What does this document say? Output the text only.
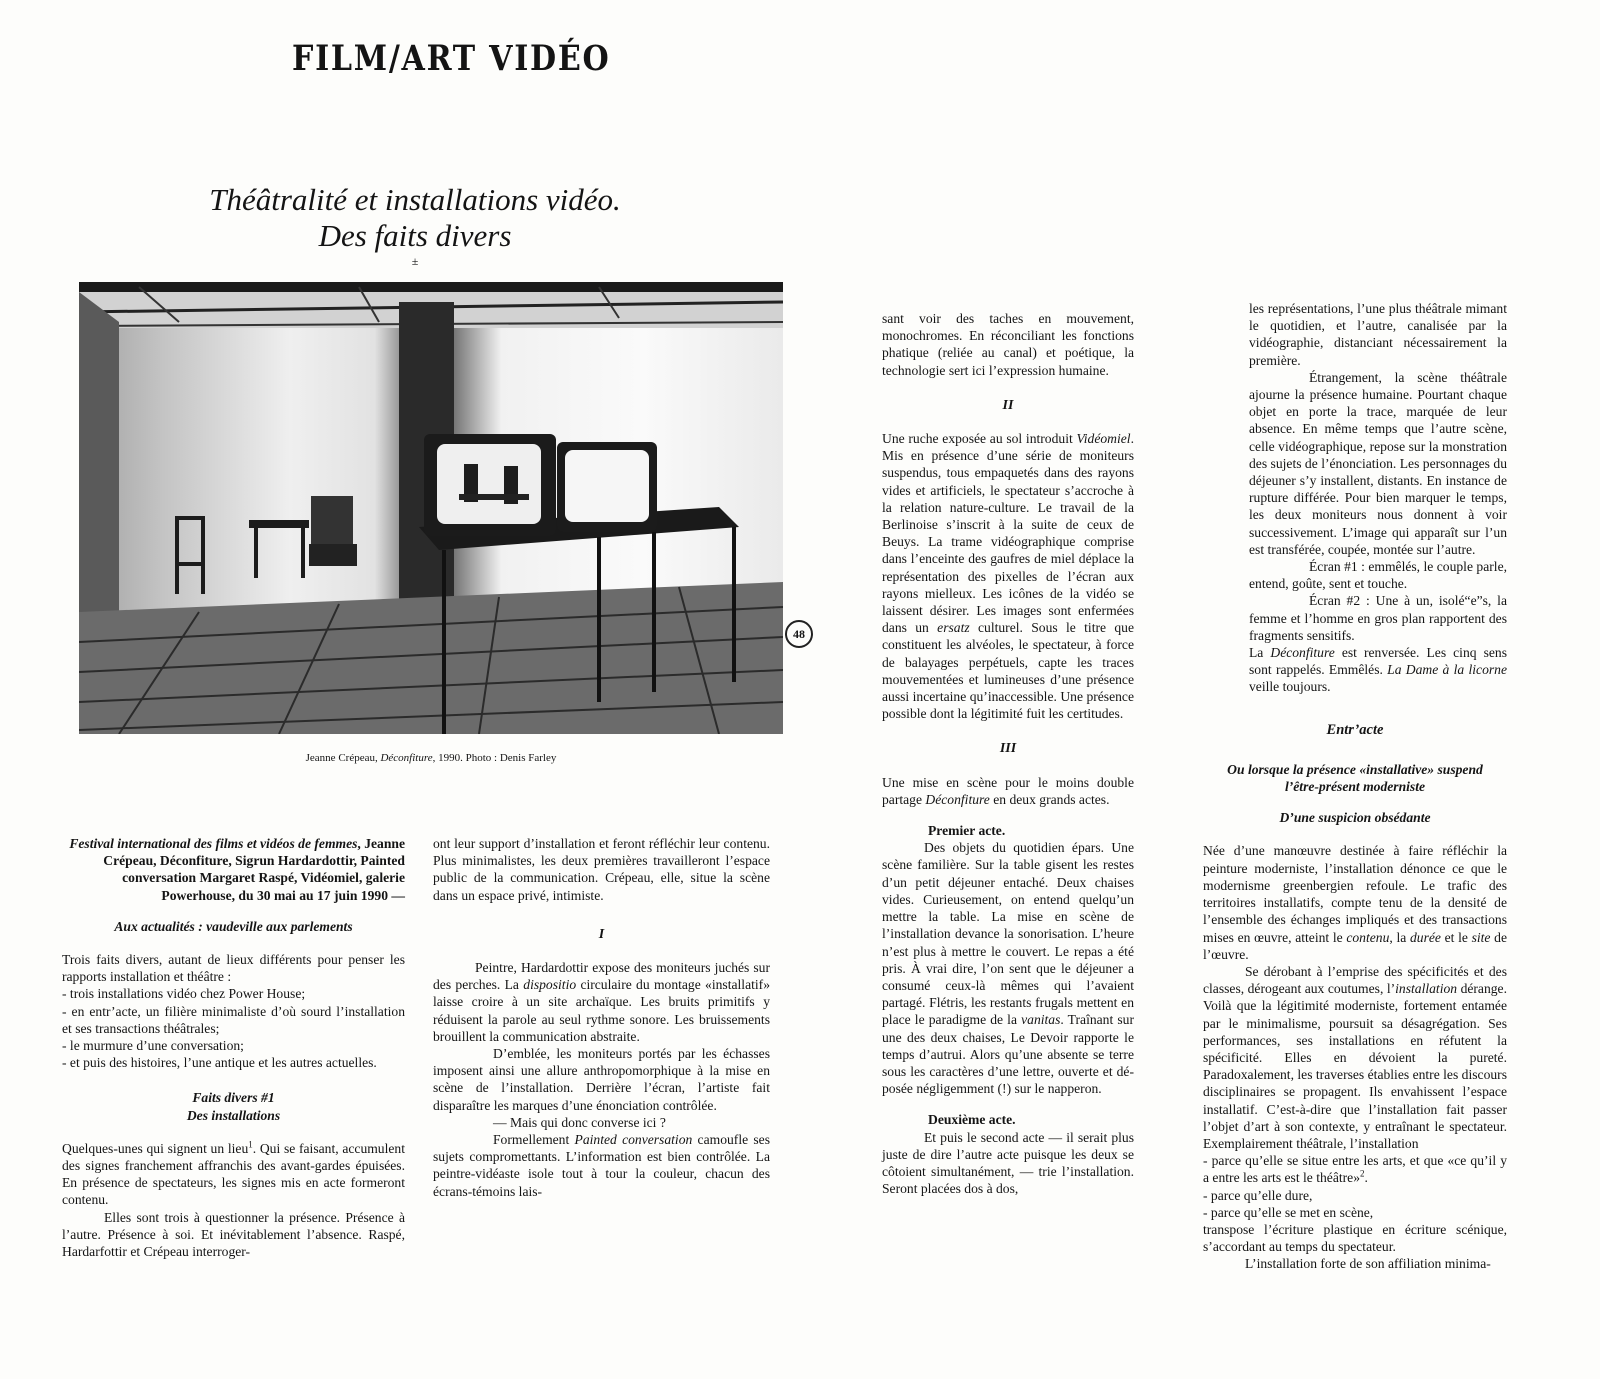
FILM/ART VIDÉO
Théâtralité et installations vidéo.
Des faits divers
±
Jeanne Crépeau, Déconfiture, 1990. Photo : Denis Farley
48

Festival international des films et vidéos de femmes, Jeanne Crépeau, Déconfiture, Sigrun Hardardottir, Painted conversation Margaret Raspé, Vidéomiel, galerie Powerhouse, du 30 mai au 17 juin 1990 —

Aux actualités : vaudeville aux parlements

Trois faits divers, autant de lieux différents pour penser les rapports installation et théâtre :

- trois installations vidéo chez Power House;

- en entr’acte, un filière minimaliste d’où sourd l’installation et ses transactions théâtrales;

- le murmure d’une conversation;

- et puis des histoires, l’une antique et les autres actuelles.

Faits divers #1

Des installations

Quelques-unes qui signent un lieu$^1$. Qui se faisant, accumulent des signes franchement affranchis des avant-gardes épuisées. En présence de spectateurs, les signes mis en acte formeront contenu.

Elles sont trois à questionner la présence. Présence à l’autre. Présence à soi. Et inévitablement l’absence. Raspé, Hardarfottir et Crépeau interroger-

ont leur support d’installation et feront réfléchir leur contenu. Plus minimalistes, les deux premières travailleront l’espace public de la communication. Crépeau, elle, situe la scène dans un espace privé, intimiste.

I

Peintre, Hardardottir expose des moniteurs juchés sur des perches. La dispositio circulaire du montage «installatif» laisse croire à un site archaïque. Les bruits primitifs y réduisent la parole au seul rythme sonore. Les bruissements brouillent la communication abstraite.

D’emblée, les moniteurs portés par les échasses imposent ainsi une allure anthropomorphique à la mise en scène de l’installation. Derrière l’écran, l’artiste fait disparaître les marques d’une énonciation contrôlée.

— Mais qui donc converse ici ?

Formellement Painted conversation camoufle ses sujets compromettants. L’information est bien contrôlée. La peintre-vidéaste isole tout à tour la couleur, chacun des écrans-témoins lais-

sant voir des taches en mouvement, monochromes. En réconciliant les fonctions phatique (reliée au canal) et poétique, la technologie sert ici l’expression humaine.

II

Une ruche exposée au sol introduit Vidéomiel. Mis en présence d’une série de moniteurs suspendus, tous empaquetés dans des rayons vides et artificiels, le spectateur s’accroche à la relation nature-culture. Le travail de la Berlinoise s’inscrit à la suite de ceux de Beuys. La trame vidéographique comprise dans l’enceinte des gaufres de miel déplace la représentation des pixelles de l’écran aux rayons mielleux. Les icônes de la vidéo se laissent désirer. Les images sont enfermées dans un ersatz culturel. Sous le titre que constituent les alvéoles, le spectateur, à force de balayages perpétuels, capte les traces mouvementées et lumineuses d’une présence aussi incertaine qu’inaccessible. Une présence possible dont la légitimité fuit les certitudes.

III

Une mise en scène pour le moins double partage Déconfiture en deux grands actes.

Premier acte.

Des objets du quotidien épars. Une scène familière. Sur la table gisent les restes d’un petit déjeuner entaché. Deux chaises vides. Curieusement, on entend quelqu’un mettre la table. La mise en scène de l’installation devance la sonorisation. L’heure n’est plus à mettre le couvert. Le repas a été pris. À vrai dire, l’on sent que le déjeuner a consumé ceux-là mêmes qui l’avaient partagé. Flétris, les restants frugals mettent en place le paradigme de la vanitas. Traînant sur une des deux chaises, Le Devoir rapporte le temps d’autrui. Alors qu’une absente se terre sous les caractères d’une lettre, ouverte et dé-posée négligemment (!) sur le napperon.

Deuxième acte.

Et puis le second acte — il serait plus juste de dire l’autre acte puisque les deux se côtoient simultanément, — trie l’installation. Seront placées dos à dos,

les représentations, l’une plus théâtrale mimant le quotidien, et l’autre, canalisée par la vidéographie, distanciant nécessairement la première.

Étrangement, la scène théâtrale ajourne la présence humaine. Pourtant chaque objet en porte la trace, marquée de leur absence. En même temps que l’autre scène, celle vidéographique, repose sur la monstration des sujets de l’énonciation. Les personnages du déjeuner s’y installent, distants. En instance de rupture différée. Pour bien marquer le temps, les deux moniteurs nous donnent à voir successivement. L’image qui apparaît sur l’un est transférée, coupée, montée sur l’autre.

Écran #1 : emmêlés, le couple parle, entend, goûte, sent et touche.

Écran #2 : Une à un, isolé“e”s, la femme et l’homme en gros plan rapportent des fragments sensitifs.

La Déconfiture est renversée. Les cinq sens sont rappelés. Emmêlés. La Dame à la licorne veille toujours.

Entr’acte

Ou lorsque la présence «installative» suspend

l’être-présent moderniste

D’une suspicion obsédante

Née d’une manœuvre destinée à faire réfléchir la peinture moderniste, l’installation dénonce ce que le modernisme greenbergien refoule. Le trafic des territoires installatifs, compte tenu de la densité de l’ensemble des échanges impliqués et des transactions mises en œuvre, atteint le contenu, la durée et le site de l’œuvre.

Se dérobant à l’emprise des spécificités et des classes, dérogeant aux coutumes, l’installation dérange. Voilà que la légitimité moderniste, fortement entamée par le minimalisme, poursuit sa désagrégation. Ses performances, ses installations en réfutent la spécificité. Elles en dévoient la pureté. Paradoxalement, les traverses établies entre les discours disciplinaires se propagent. Ils envahissent l’espace installatif. C’est-à-dire que l’installation fait passer l’objet d’art à son contexte, y entraînant le spectateur. Exemplairement théâtrale, l’installation

- parce qu’elle se situe entre les arts, et que «ce qu’il y a entre les arts est le théâtre»$^2$.

- parce qu’elle dure,

- parce qu’elle se met en scène,

transpose l’écriture plastique en écriture scénique, s’accordant au temps du spectateur.

L’installation forte de son affiliation minima-
